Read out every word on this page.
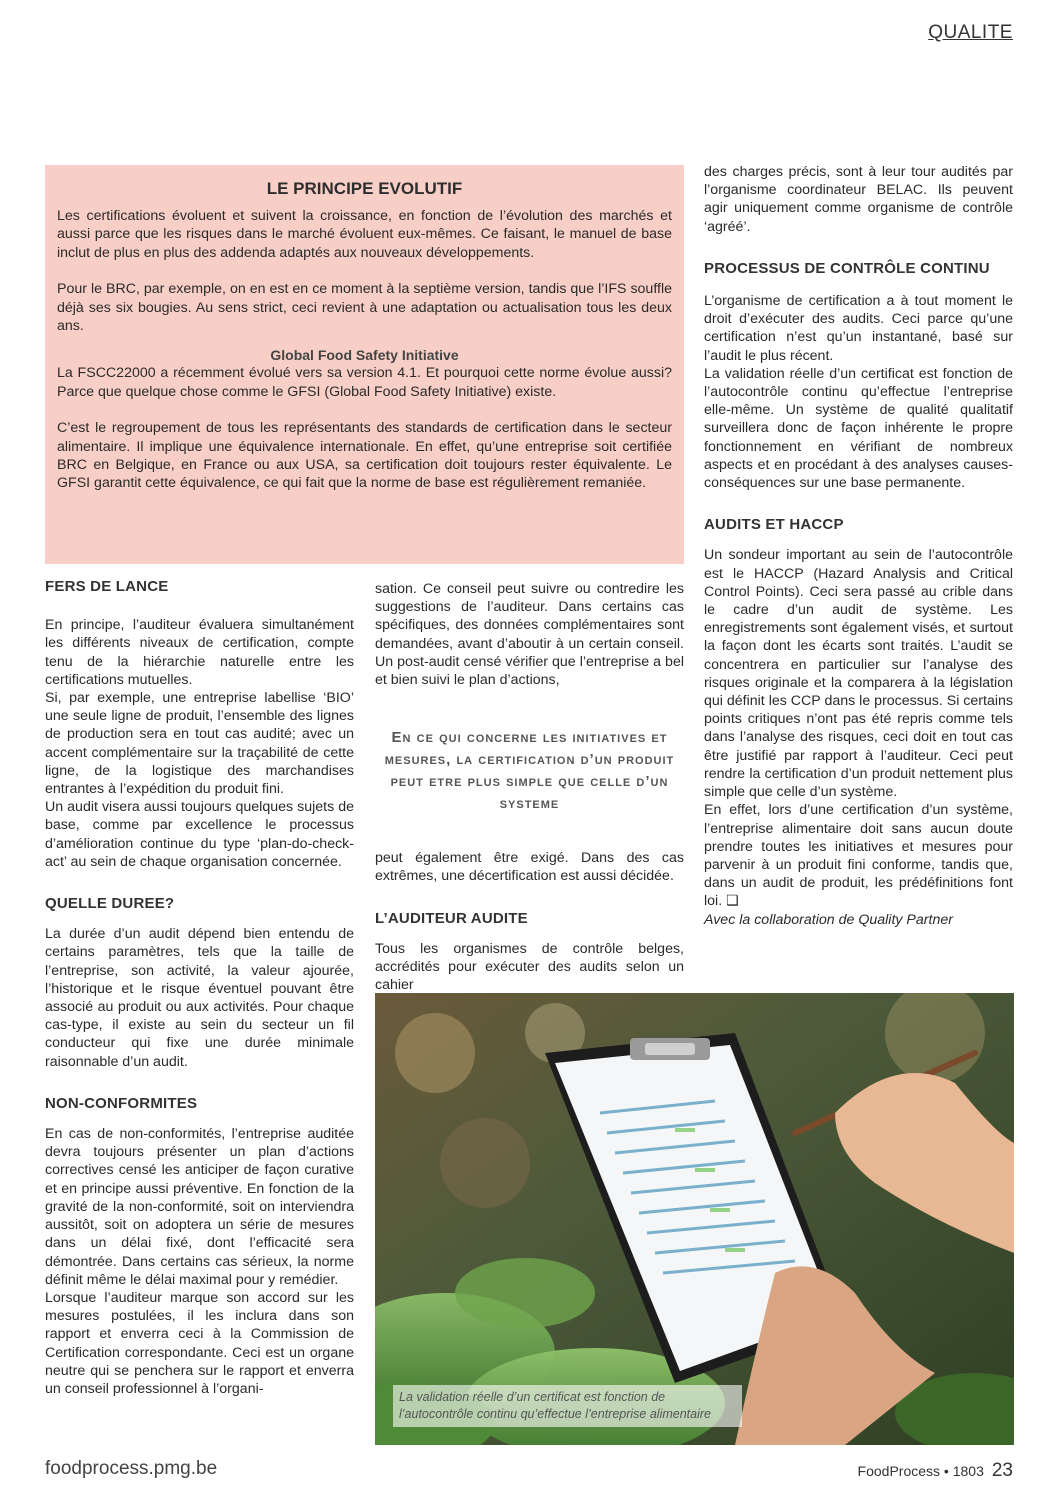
QUALITE
LE PRINCIPE EVOLUTIF

Les certifications évoluent et suivent la croissance, en fonction de l’évolution des marchés et aussi parce que les risques dans le marché évoluent eux-mêmes. Ce faisant, le manuel de base inclut de plus en plus des addenda adaptés aux nouveaux développements.

Pour le BRC, par exemple, on en est en ce moment à la septième version, tandis que l’IFS souffle déjà ses six bougies. Au sens strict, ceci revient à une adaptation ou actualisation tous les deux ans.

Global Food Safety Initiative

La FSCC22000 a récemment évolué vers sa version 4.1. Et pourquoi cette norme évolue aussi? Parce que quelque chose comme le GFSI (Global Food Safety Initiative) existe.

C’est le regroupement de tous les représentants des standards de certification dans le secteur alimentaire. Il implique une équivalence internationale. En effet, qu’une entreprise soit certifiée BRC en Belgique, en France ou aux USA, sa certification doit toujours rester équivalente. Le GFSI garantit cette équivalence, ce qui fait que la norme de base est régulièrement remaniée.

FERS DE LANCE

En principe, l’auditeur évaluera simultanément les différents niveaux de certification, compte tenu de la hiérarchie naturelle entre les certifications mutuelles.

Si, par exemple, une entreprise labellise ‘BIO’ une seule ligne de produit, l’ensemble des lignes de production sera en tout cas audité; avec un accent complémentaire sur la traçabilité de cette ligne, de la logistique des marchandises entrantes à l’expédition du produit fini.

Un audit visera aussi toujours quelques sujets de base, comme par excellence le processus d’amélioration continue du type ‘plan-do-check-act’ au sein de chaque organisation concernée.

QUELLE DUREE?

La durée d’un audit dépend bien entendu de certains paramètres, tels que la taille de l’entreprise, son activité, la valeur ajourée, l’historique et le risque éventuel pouvant être associé au produit ou aux activités. Pour chaque cas-type, il existe au sein du secteur un fil conducteur qui fixe une durée minimale raisonnable d’un audit.

NON-CONFORMITES

En cas de non-conformités, l’entreprise auditée devra toujours présenter un plan d’actions correctives censé les anticiper de façon curative et en principe aussi préventive. En fonction de la gravité de la non-conformité, soit on interviendra aussitôt, soit on adoptera un série de mesures dans un délai fixé, dont l’efficacité sera démontrée. Dans certains cas sérieux, la norme définit même le délai maximal pour y remédier.

Lorsque l’auditeur marque son accord sur les mesures postulées, il les inclura dans son rapport et enverra ceci à la Commission de Certification correspondante. Ceci est un organe neutre qui se penchera sur le rapport et enverra un conseil professionnel à l’organi-

sation. Ce conseil peut suivre ou contredire les suggestions de l’auditeur. Dans certains cas spécifiques, des données complémentaires sont demandées, avant d’aboutir à un certain conseil. Un post-audit censé vérifier que l’entreprise a bel et bien suivi le plan d’actions,

En ce qui concerne les initiatives et mesures, la certification d’un produit peut etre plus simple que celle d’un systeme

peut également être exigé. Dans des cas extrêmes, une décertification est aussi décidée.

L’AUDITEUR AUDITE

Tous les organismes de contrôle belges, accrédités pour exécuter des audits selon un cahier

des charges précis, sont à leur tour audités par l’organisme coordinateur BELAC. Ils peuvent agir uniquement comme organisme de contrôle ‘agréé’.

PROCESSUS DE CONTRÔLE CONTINU

L’organisme de certification a à tout moment le droit d’exécuter des audits. Ceci parce qu’une certification n’est qu’un instantané, basé sur l’audit le plus récent.

La validation réelle d’un certificat est fonction de l’autocontrôle continu qu’effectue l’entreprise elle-même. Un système de qualité qualitatif surveillera donc de façon inhérente le propre fonctionnement en vérifiant de nombreux aspects et en procédant à des analyses causes-conséquences sur une base permanente.

AUDITS ET HACCP

Un sondeur important au sein de l’autocontrôle est le HACCP (Hazard Analysis and Critical Control Points). Ceci sera passé au crible dans le cadre d’un audit de système. Les enregistrements sont également visés, et surtout la façon dont les écarts sont traités. L’audit se concentrera en particulier sur l’analyse des risques originale et la comparera à la législation qui définit les CCP dans le processus. Si certains points critiques n’ont pas été repris comme tels dans l’analyse des risques, ceci doit en tout cas être justifié par rapport à l’auditeur. Ceci peut rendre la certification d’un produit nettement plus simple que celle d’un système.

En effet, lors d’une certification d’un système, l’entreprise alimentaire doit sans aucun doute prendre toutes les initiatives et mesures pour parvenir à un produit fini conforme, tandis que, dans un audit de produit, les prédéfinitions font loi. ❑

Avec la collaboration de Quality Partner

La validation réelle d’un certificat est fonction de l’autocontrôle continu qu’effectue l’entreprise alimentaire
foodprocess.pmg.be	FoodProcess • 1803 23
